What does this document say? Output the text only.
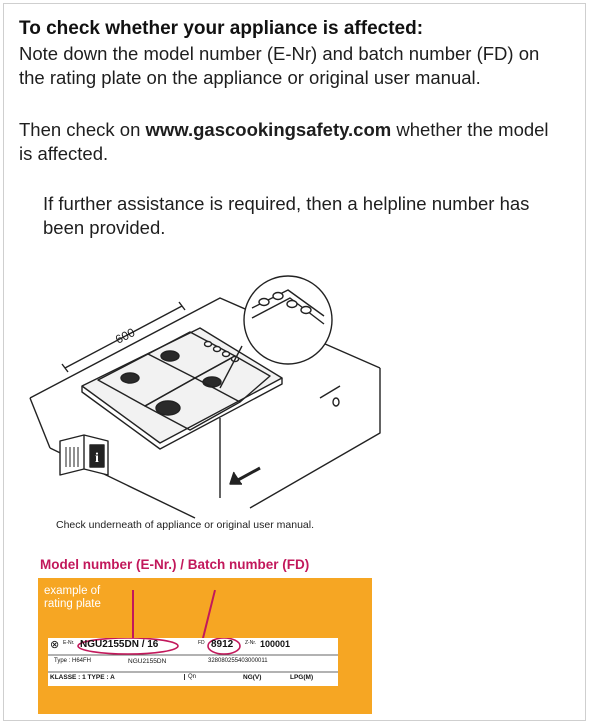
To check whether your appliance is affected:
Note down the model number (E-Nr) and batch number (FD) on the rating plate on the appliance or original user manual.
Then check on www.gascookingsafety.com whether the model is affected.
If further assistance is required, then a helpline number has been provided.
i
600
Check underneath of appliance or original user manual.
Model number (E-Nr.) / Batch number (FD)
example of
rating plate
⊗ E-Nr. NGU2155DN / 16	FD 8912 Z-Nr. 100001
Type : H64FH	NGU2155DN	328080255403000011
KLASSE : 1 TYPE : A	Qn	NG(V)	LPG(M)
